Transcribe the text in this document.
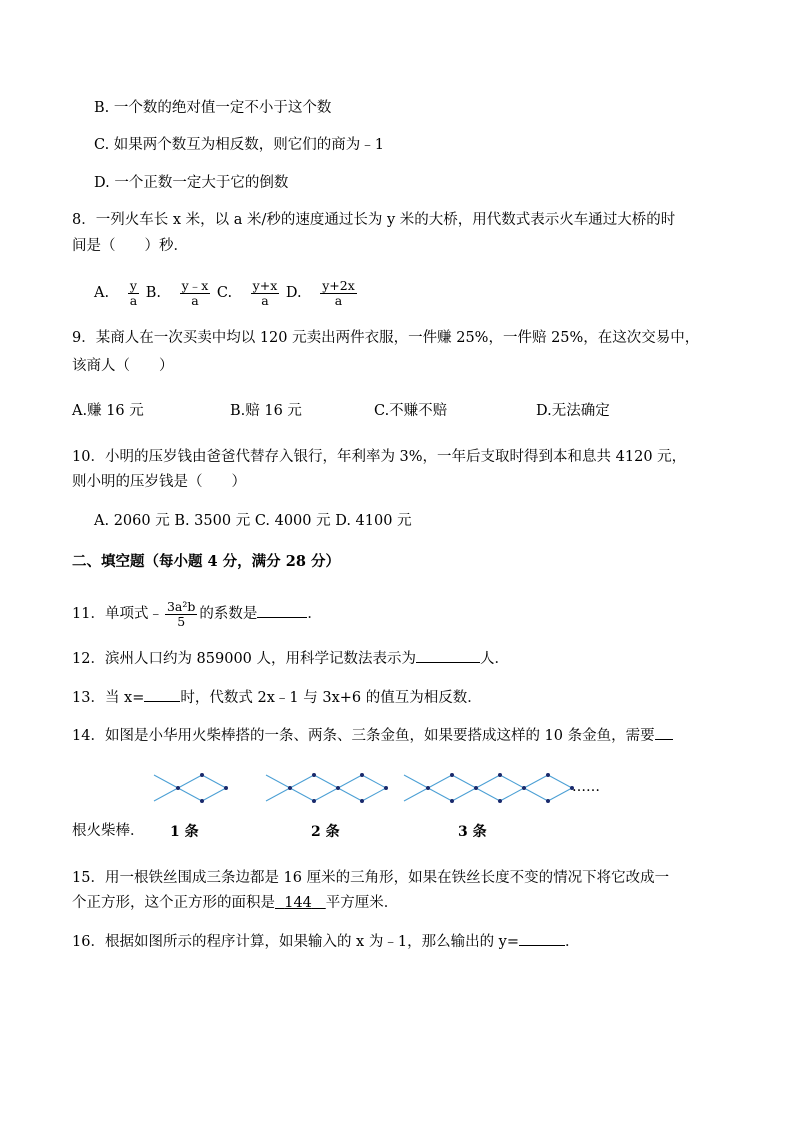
B. 一个数的绝对值一定不小于这个数
C. 如果两个数互为相反数，则它们的商为﹣1
D. 一个正数一定大于它的倒数
8．一列火车长 x 米，以 a 米/秒的速度通过长为 y 米的大桥，用代数式表示火车通过大桥的时
间是（　　）秒．
A. $\frac{y}{a} B$. $\frac{y﹣x}{a} C$. $\frac{y+x}{a} D$. $\frac{y+2x}{a}$
9．某商人在一次买卖中均以 120 元卖出两件衣服，一件赚 25%，一件赔 25%，在这次交易中，
该商人（　　）
A.赚 16 元	B.赔 16 元	C.不赚不赔	D.无法确定
10．小明的压岁钱由爸爸代替存入银行，年利率为 3%，一年后支取时得到本和息共 4120 元，
则小明的压岁钱是（　　）
A. 2060 元 B. 3500 元 C. 4000 元 D. 4100 元
二、填空题（每小题 4 分，满分 28 分）
11．单项式﹣ $\frac{\text{3a²b}}{5}$ 的系数是	．
12．滨州人口约为 859000 人，用科学记数法表示为	人．
13．当 x= 时，代数式 2x﹣1 与 3x+6 的值互为相反数．
14．如图是小华用火柴棒搭的一条、两条、三条金鱼，如果要搭成这样的 10 条金鱼，需要
……
根火柴棒． 1 条	2 条	3 条
15．用一根铁丝围成三条边都是 16 厘米的三角形，如果在铁丝长度不变的情况下将它改成一
个正方形，这个正方形的面积是 144 平方厘米．
16．根据如图所示的程序计算，如果输入的 x 为﹣1，那么输出的 y=	．
